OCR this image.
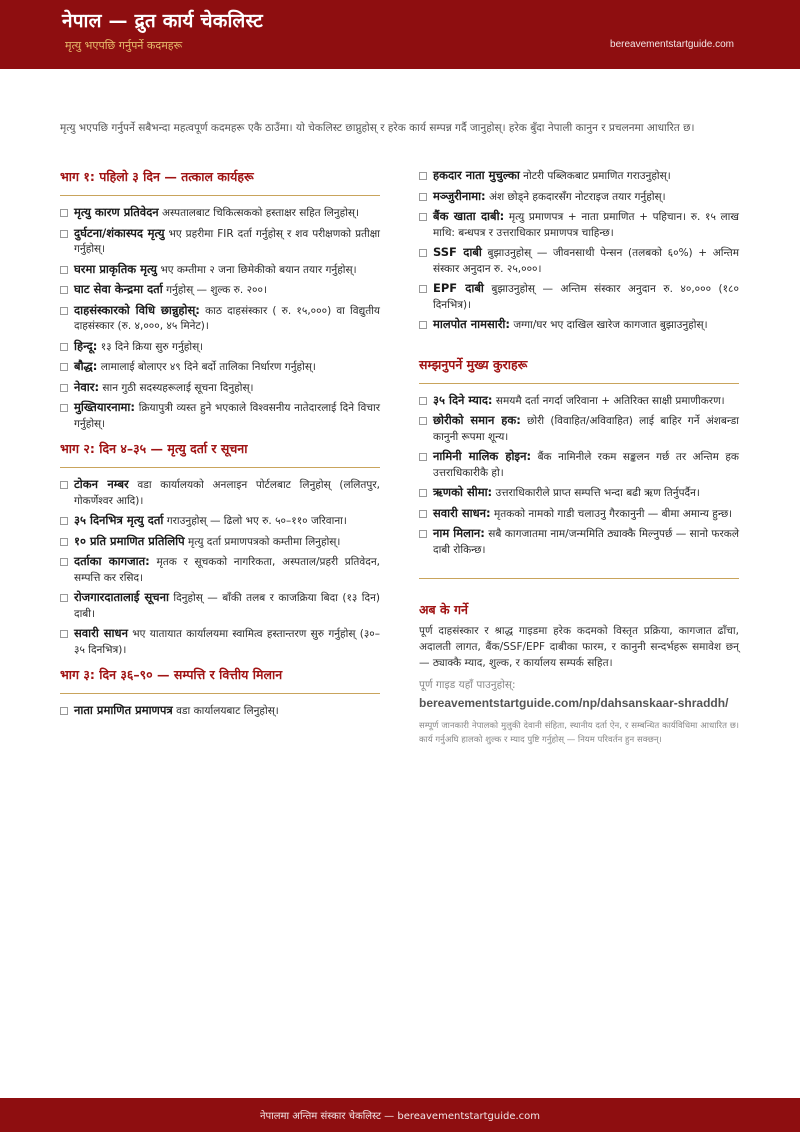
नेपाल — द्रुत कार्य चेकलिस्ट
मृत्यु भएपछि गर्नुपर्ने कदमहरू	bereavementstartguide.com
मृत्यु भएपछि गर्नुपर्ने सबैभन्दा महत्वपूर्ण कदमहरू एकै ठाउँमा। यो चेकलिस्ट छाप्नुहोस् र हरेक कार्य सम्पन्न गर्दै जानुहोस्। हरेक बुँदा नेपाली कानुन र प्रचलनमा आधारित छ।
भाग १: पहिलो ३ दिन — तत्काल कार्यहरू
मृत्यु कारण प्रतिवेदन अस्पतालबाट चिकित्सकको हस्ताक्षर सहित लिनुहोस्।
दुर्घटना/शंकास्पद मृत्यु भए प्रहरीमा FIR दर्ता गर्नुहोस् र शव परीक्षणको प्रतीक्षा गर्नुहोस्।
घरमा प्राकृतिक मृत्यु भए कम्तीमा २ जना छिमेकीको बयान तयार गर्नुहोस्।
घाट सेवा केन्द्रमा दर्ता गर्नुहोस् — शुल्क रु. २००।
दाहसंस्कारको विधि छान्नुहोस्: काठ दाहसंस्कार ( रु. १५,०००) वा विद्युतीय दाहसंस्कार (रु. ४,०००, ४५ मिनेट)।
हिन्दू: १३ दिने क्रिया सुरु गर्नुहोस्।
बौद्ध: लामालाई बोलाएर ४९ दिने बर्दो तालिका निर्धारण गर्नुहोस्।
नेवार: सान गुठी सदस्यहरूलाई सूचना दिनुहोस्।
मुख्तियारनामा: क्रियापुत्री व्यस्त हुने भएकाले विश्वसनीय नातेदारलाई दिने विचार गर्नुहोस्।
भाग २: दिन ४–३५ — मृत्यु दर्ता र सूचना
टोकन नम्बर वडा कार्यालयको अनलाइन पोर्टलबाट लिनुहोस् (ललितपुर, गोकर्णेश्वर आदि)।
३५ दिनभित्र मृत्यु दर्ता गराउनुहोस् — ढिलो भए रु. ५०–११० जरिवाना।
१० प्रति प्रमाणित प्रतिलिपि मृत्यु दर्ता प्रमाणपत्रको कम्तीमा लिनुहोस्।
दर्ताका कागजात: मृतक र सूचकको नागरिकता, अस्पताल/प्रहरी प्रतिवेदन, सम्पत्ति कर रसिद।
रोजगारदातालाई सूचना दिनुहोस् — बाँकी तलब र काजक्रिया बिदा (१३ दिन) दाबी।
सवारी साधन भए यातायात कार्यालयमा स्वामित्व हस्तान्तरण सुरु गर्नुहोस् (३०–३५ दिनभित्र)।
भाग ३: दिन ३६–९० — सम्पत्ति र वित्तीय मिलान
नाता प्रमाणित प्रमाणपत्र वडा कार्यालयबाट लिनुहोस्।
हकदार नाता मुचुल्का नोटरी पब्लिकबाट प्रमाणित गराउनुहोस्।
मञ्जुरीनामा: अंश छोड्ने हकदारसँग नोटराइज तयार गर्नुहोस्।
बैंक खाता दाबी: मृत्यु प्रमाणपत्र + नाता प्रमाणित + पहिचान। रु. १५ लाख माथि: बन्धपत्र र उत्तराधिकार प्रमाणपत्र चाहिन्छ।
SSF दाबी बुझाउनुहोस् — जीवनसाथी पेन्सन (तलबको ६०%) + अन्तिम संस्कार अनुदान रु. २५,०००।
EPF दाबी बुझाउनुहोस् — अन्तिम संस्कार अनुदान रु. ४०,००० (१८० दिनभित्र)।
मालपोत नामसारी: जग्गा/घर भए दाखिल खारेज कागजात बुझाउनुहोस्।
सम्झनुपर्ने मुख्य कुराहरू
३५ दिने म्याद: समयमै दर्ता नगर्दा जरिवाना + अतिरिक्त साक्षी प्रमाणीकरण।
छोरीको समान हक: छोरी (विवाहित/अविवाहित) लाई बाहिर गर्ने अंशबन्डा कानुनी रूपमा शून्य।
नामिनी मालिक होइन: बैंक नामिनीले रकम सङ्कलन गर्छ तर अन्तिम हक उत्तराधिकारीकै हो।
ऋणको सीमा: उत्तराधिकारीले प्राप्त सम्पत्ति भन्दा बढी ऋण तिर्नुपर्दैन।
सवारी साधन: मृतकको नामको गाडी चलाउनु गैरकानुनी — बीमा अमान्य हुन्छ।
नाम मिलान: सबै कागजातमा नाम/जन्ममिति ठ्याक्कै मिल्नुपर्छ — सानो फरकले दाबी रोकिन्छ।
अब के गर्ने
पूर्ण दाहसंस्कार र श्राद्ध गाइडमा हरेक कदमको विस्तृत प्रक्रिया, कागजात ढाँचा, अदालती लागत, बैंक/SSF/EPF दाबीका फारम, र कानुनी सन्दर्भहरू समावेश छन् — ठ्याक्कै म्याद, शुल्क, र कार्यालय सम्पर्क सहित।
पूर्ण गाइड यहाँ पाउनुहोस्:
bereavementstartguide.com/np/dahsanskaar-shraddh/
सम्पूर्ण जानकारी नेपालको मुलुकी देवानी संहिता, स्थानीय दर्ता ऐन, र सम्बन्धित कार्यविधिमा आधारित छ। कार्य गर्नुअघि हालको शुल्क र म्याद पुष्टि गर्नुहोस् — नियम परिवर्तन हुन सक्छन्।
नेपालमा अन्तिम संस्कार चेकलिस्ट — bereavementstartguide.com
